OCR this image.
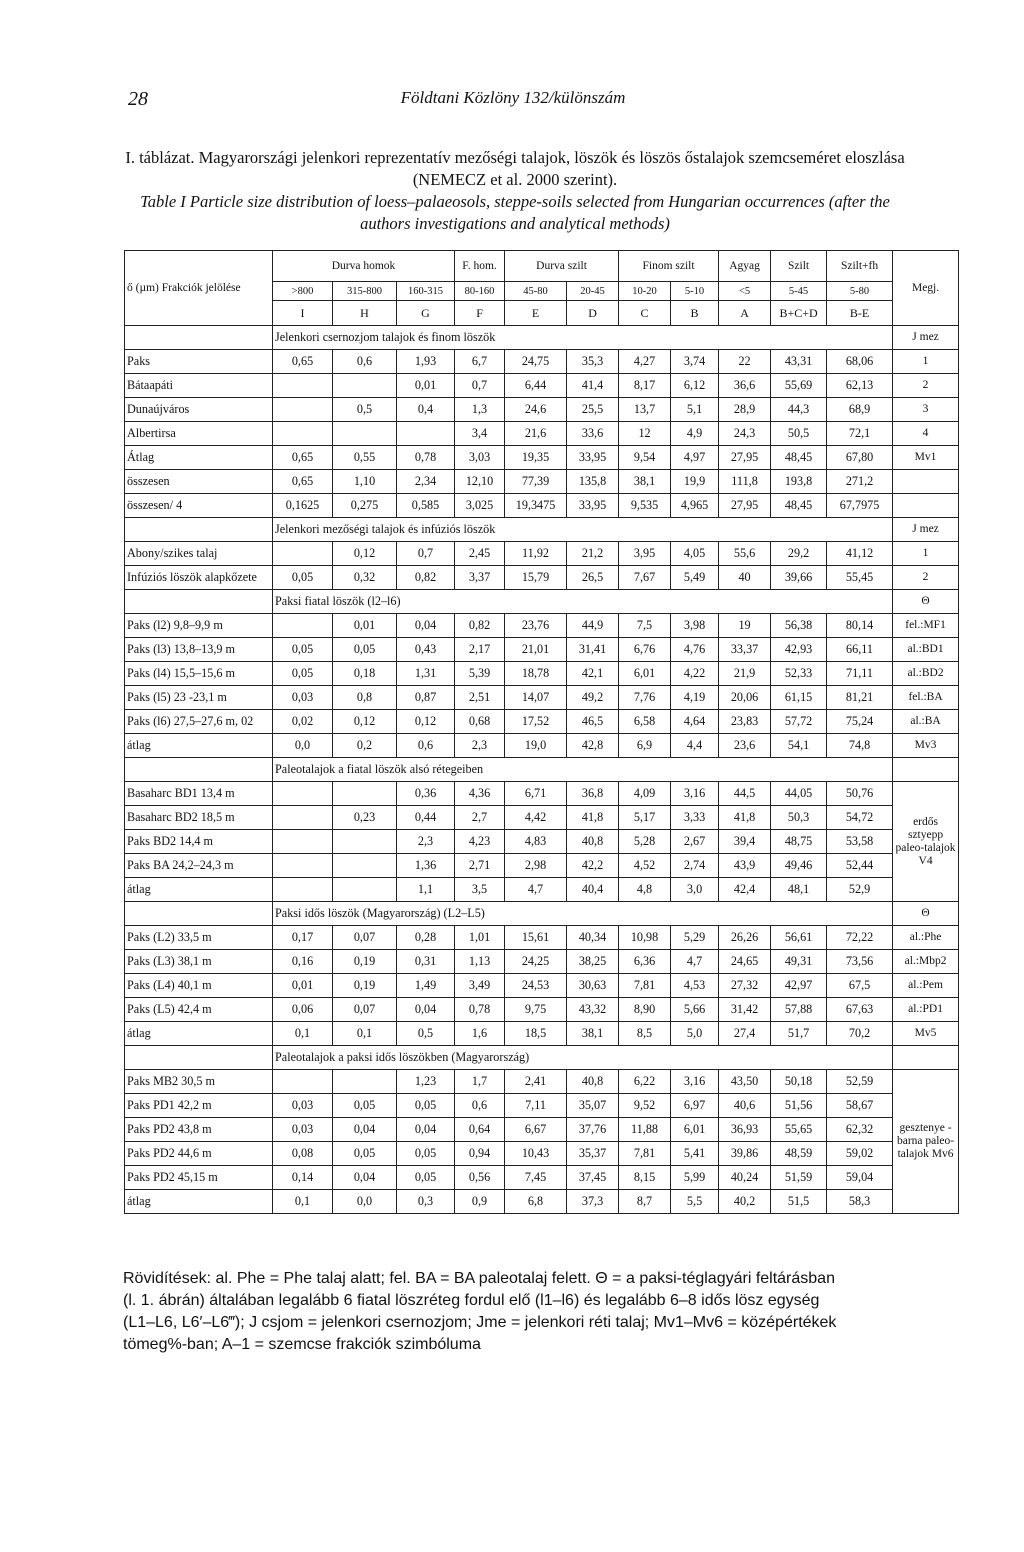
28	Földtani Közlöny 132/különszám

I. táblázat. Magyarországi jelenkori reprezentatív mezőségi talajok, löszök és löszös őstalajok szemcseméret eloszlása (NEMECZ et al. 2000 szerint).

Table I Particle size distribution of loess–palaeosols, steppe-soils selected from Hungarian occurrences (after the authors investigations and analytical methods)

ő (µm) Frakciók jelölése	Durva homok			F. hom.	Durva szilt		Finom szilt		Agyag	Szilt	Szilt+fh	Megj.
	>800	315-800	160-315	80-160	45-80	20-45	10-20	5-10	<5	5-45	5-80	
	I	H	G	F	E	D	C	B	A	B+C+D	B-E	
	Jelenkori csernozjom talajok és finom löszök											J mez
Paks	0,65	0,6	1,93	6,7	24,75	35,3	4,27	3,74	22	43,31	68,06	1
Bátaapáti			0,01	0,7	6,44	41,4	8,17	6,12	36,6	55,69	62,13	2
Dunaújváros		0,5	0,4	1,3	24,6	25,5	13,7	5,1	28,9	44,3	68,9	3
Albertirsa				3,4	21,6	33,6	12	4,9	24,3	50,5	72,1	4
Átlag	0,65	0,55	0,78	3,03	19,35	33,95	9,54	4,97	27,95	48,45	67,80	Mv1
összesen	0,65	1,10	2,34	12,10	77,39	135,8	38,1	19,9	111,8	193,8	271,2	
összesen/ 4	0,1625	0,275	0,585	3,025	19,3475	33,95	9,535	4,965	27,95	48,45	67,7975	
	Jelenkori mezőségi talajok és infúziós löszök											J mez
Abony/szikes talaj		0,12	0,7	2,45	11,92	21,2	3,95	4,05	55,6	29,2	41,12	1
Infúziós löszök alapkőzete	0,05	0,32	0,82	3,37	15,79	26,5	7,67	5,49	40	39,66	55,45	2
	Paksi fiatal löszök (l2–l6)											Θ
Paks (l2) 9,8–9,9 m		0,01	0,04	0,82	23,76	44,9	7,5	3,98	19	56,38	80,14	fel.:MF1
Paks (l3) 13,8–13,9 m	0,05	0,05	0,43	2,17	21,01	31,41	6,76	4,76	33,37	42,93	66,11	al.:BD1
Paks (l4) 15,5–15,6 m	0,05	0,18	1,31	5,39	18,78	42,1	6,01	4,22	21,9	52,33	71,11	al.:BD2
Paks (l5) 23 -23,1 m	0,03	0,8	0,87	2,51	14,07	49,2	7,76	4,19	20,06	61,15	81,21	fel.:BA
Paks (l6) 27,5–27,6 m, 02	0,02	0,12	0,12	0,68	17,52	46,5	6,58	4,64	23,83	57,72	75,24	al.:BA
átlag	0,0	0,2	0,6	2,3	19,0	42,8	6,9	4,4	23,6	54,1	74,8	Mv3
	Paleotalajok a fiatal löszök alsó rétegeiben											
Basaharc BD1 13,4 m			0,36	4,36	6,71	36,8	4,09	3,16	44,5	44,05	50,76	erdős sztyepp paleo-talajok V4
Basaharc BD2 18,5 m		0,23	0,44	2,7	4,42	41,8	5,17	3,33	41,8	50,3	54,72	
Paks BD2 14,4 m			2,3	4,23	4,83	40,8	5,28	2,67	39,4	48,75	53,58	
Paks BA 24,2–24,3 m			1,36	2,71	2,98	42,2	4,52	2,74	43,9	49,46	52,44	
átlag			1,1	3,5	4,7	40,4	4,8	3,0	42,4	48,1	52,9	
	Paksi idős löszök (Magyarország) (L2–L5)											Θ
Paks (L2) 33,5 m	0,17	0,07	0,28	1,01	15,61	40,34	10,98	5,29	26,26	56,61	72,22	al.:Phe
Paks (L3) 38,1 m	0,16	0,19	0,31	1,13	24,25	38,25	6,36	4,7	24,65	49,31	73,56	al.:Mbp2
Paks (L4) 40,1 m	0,01	0,19	1,49	3,49	24,53	30,63	7,81	4,53	27,32	42,97	67,5	al.:Pem
Paks (L5) 42,4 m	0,06	0,07	0,04	0,78	9,75	43,32	8,90	5,66	31,42	57,88	67,63	al.:PD1
átlag	0,1	0,1	0,5	1,6	18,5	38,1	8,5	5,0	27,4	51,7	70,2	Mv5
	Paleotalajok a paksi idős löszökben (Magyarország)											
Paks MB2 30,5 m			1,23	1,7	2,41	40,8	6,22	3,16	43,50	50,18	52,59	gesztenye -barna paleo-talajok Mv6
Paks PD1 42,2 m	0,03	0,05	0,05	0,6	7,11	35,07	9,52	6,97	40,6	51,56	58,67	
Paks PD2 43,8 m	0,03	0,04	0,04	0,64	6,67	37,76	11,88	6,01	36,93	55,65	62,32	
Paks PD2 44,6 m	0,08	0,05	0,05	0,94	10,43	35,37	7,81	5,41	39,86	48,59	59,02	
Paks PD2 45,15 m	0,14	0,04	0,05	0,56	7,45	37,45	8,15	5,99	40,24	51,59	59,04	
átlag	0,1	0,0	0,3	0,9	6,8	37,3	8,7	5,5	40,2	51,5	58,3	

Rövidítések: al. Phe = Phe talaj alatt; fel. BA = BA paleotalaj felett. Θ = a paksi-téglagyári feltárásban

(l. 1. ábrán) általában legalább 6 fiatal löszréteg fordul elő (l1–l6) és legalább 6–8 idős lösz egység

(L1–L6, L6′–L6‴); J csjom = jelenkori csernozjom; Jme = jelenkori réti talaj; Mv1–Mv6 = középértékek

tömeg%-ban; A–1 = szemcse frakciók szimbóluma
